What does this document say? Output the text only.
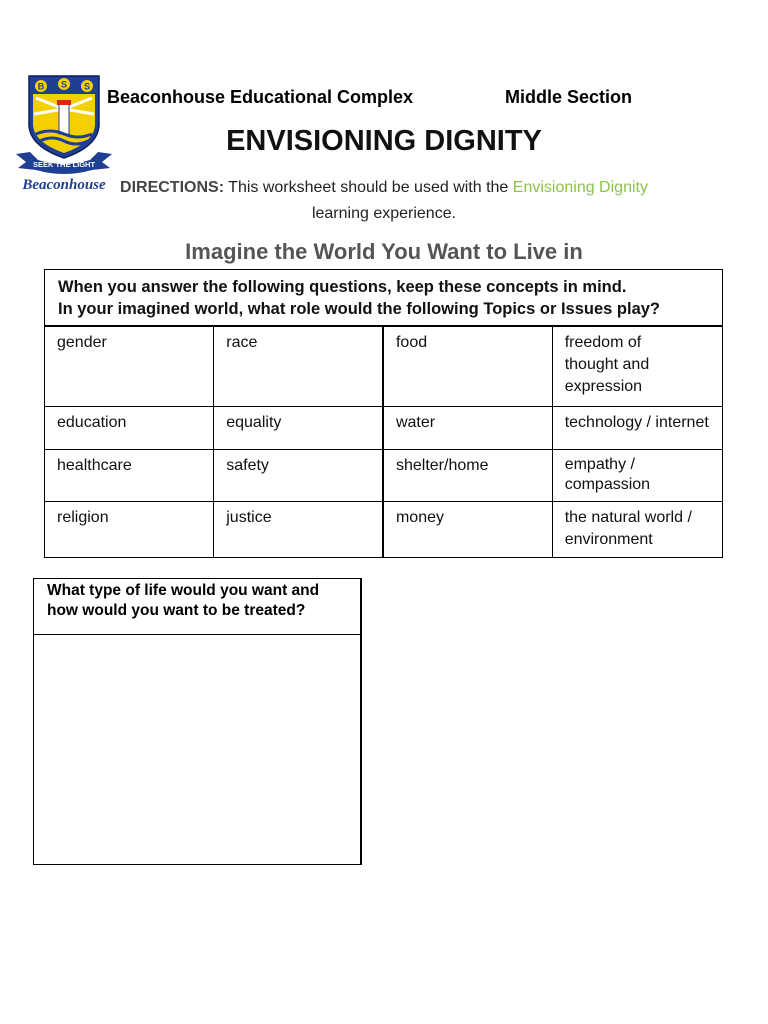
B S S
SEEK THE LIGHT
Beaconhouse
Beaconhouse Educational Complex	Middle Section
ENVISIONING DIGNITY
DIRECTIONS: This worksheet should be used with the Envisioning Dignity learning experience.
Imagine the World You Want to Live in
When you answer the following questions, keep these concepts in mind.
In your imagined world, what role would the following Topics or Issues play?			

gender	race	food	freedom of thought and expression
education	equality	water	technology / internet
healthcare	safety	shelter/home	empathy / compassion
religion	justice	money	the natural world / environment
What type of life would you want and how would you want to be treated?
